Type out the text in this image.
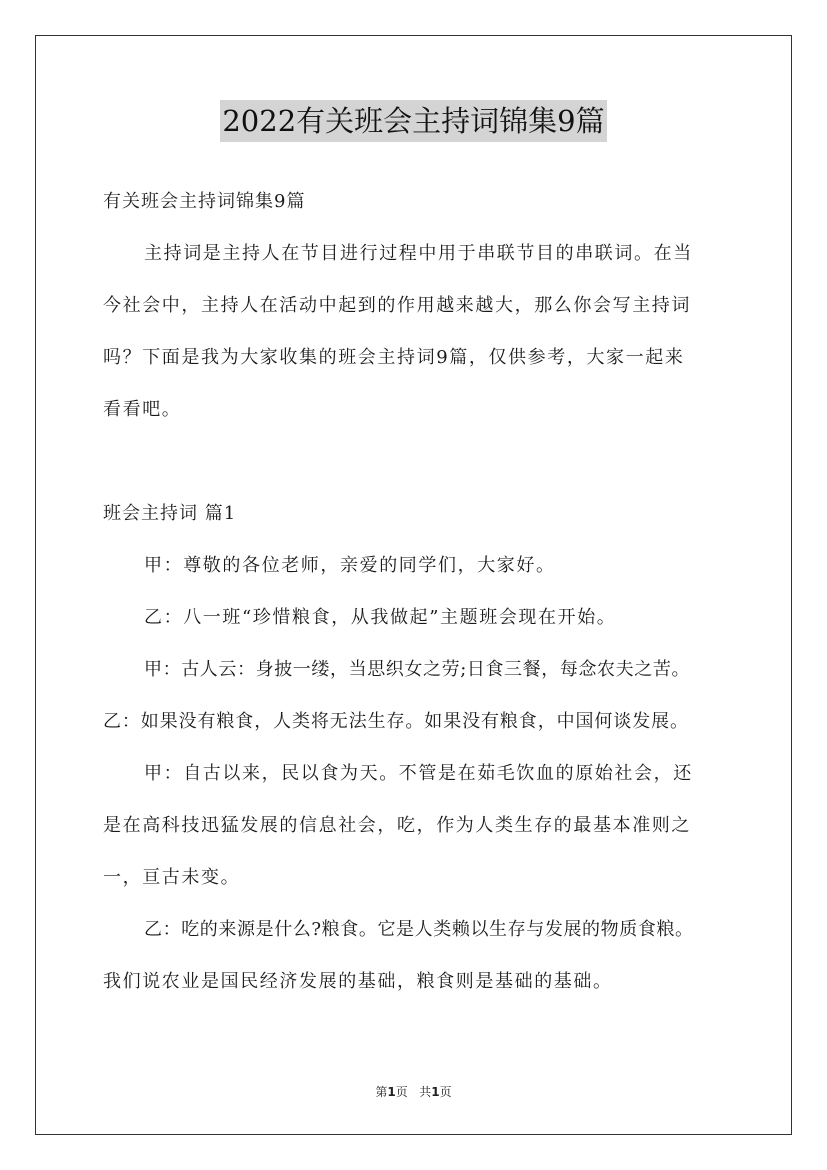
2022有关班会主持词锦集9篇
有关班会主持词锦集9篇
主持词是主持人在节目进行过程中用于串联节目的串联词。在当
今社会中，主持人在活动中起到的作用越来越大，那么你会写主持词
吗？下面是我为大家收集的班会主持词9篇，仅供参考，大家一起来
看看吧。
班会主持词 篇1
甲：尊敬的各位老师，亲爱的同学们，大家好。
乙：八一班“珍惜粮食，从我做起”主题班会现在开始。
甲：古人云：身披一缕，当思织女之劳;日食三餐，每念农夫之苦。
乙：如果没有粮食，人类将无法生存。如果没有粮食，中国何谈发展。
甲：自古以来，民以食为天。不管是在茹毛饮血的原始社会，还
是在高科技迅猛发展的信息社会，吃，作为人类生存的最基本准则之
一，亘古未变。
乙：吃的来源是什么?粮食。它是人类赖以生存与发展的物质食粮。
我们说农业是国民经济发展的基础，粮食则是基础的基础。
第1页 共1页
